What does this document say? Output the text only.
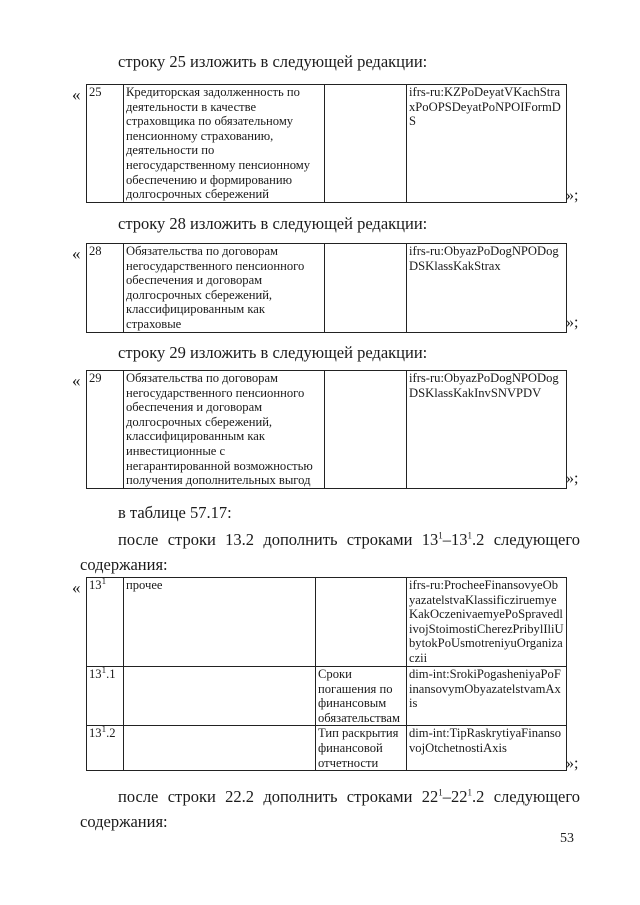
строку 25 изложить в следующей редакции:
« 25	Кредиторская задолженность по деятельности в качестве страховщика по обязательному пенсионному страхованию, деятельности по негосударственному пенсионному обеспечению и формированию долгосрочных сбережений		ifrs-ru:KZPoDeyatVKachStraxPoOPSDeyatPoNPOIFormDS
»;
строку 28 изложить в следующей редакции:
« 28	Обязательства по договорам негосударственного пенсионного обеспечения и договорам долгосрочных сбережений, классифицированным как страховые		ifrs-ru:ObyazPoDogNPODogDSKlassKakStrax
»;
строку 29 изложить в следующей редакции:
« 29	Обязательства по договорам негосударственного пенсионного обеспечения и договорам долгосрочных сбережений, классифицированным как инвестиционные с негарантированной возможностью получения дополнительных выгод		ifrs-ru:ObyazPoDogNPODogDSKlassKakInvSNVPDV
»;
в таблице 57.17:
после строки 13.2 дополнить строками $13^1-13^1.2$ следующего
содержания:
« $13^1$	прочее		ifrs-ru:ProcheeFinansovyeObyazatelstvaKlassificziruemyeKakOczenivaemyePoSpravedlivojStoimostiCherezPribylIliUbytokPoUsmotreniyuOrganizaczii
$13^1.1$		Сроки погашения по финансовым обязательствам	dim-int:SrokiPogasheniyaPoFinansovymObyazatelstvamAxis
$13^1.2$		Тип раскрытия финансовой отчетности	dim-int:TipRaskrytiyaFinansovojOtchetnostiAxis
»;
после строки 22.2 дополнить строками $22^1-22^1.2$ следующего
содержания:
53
